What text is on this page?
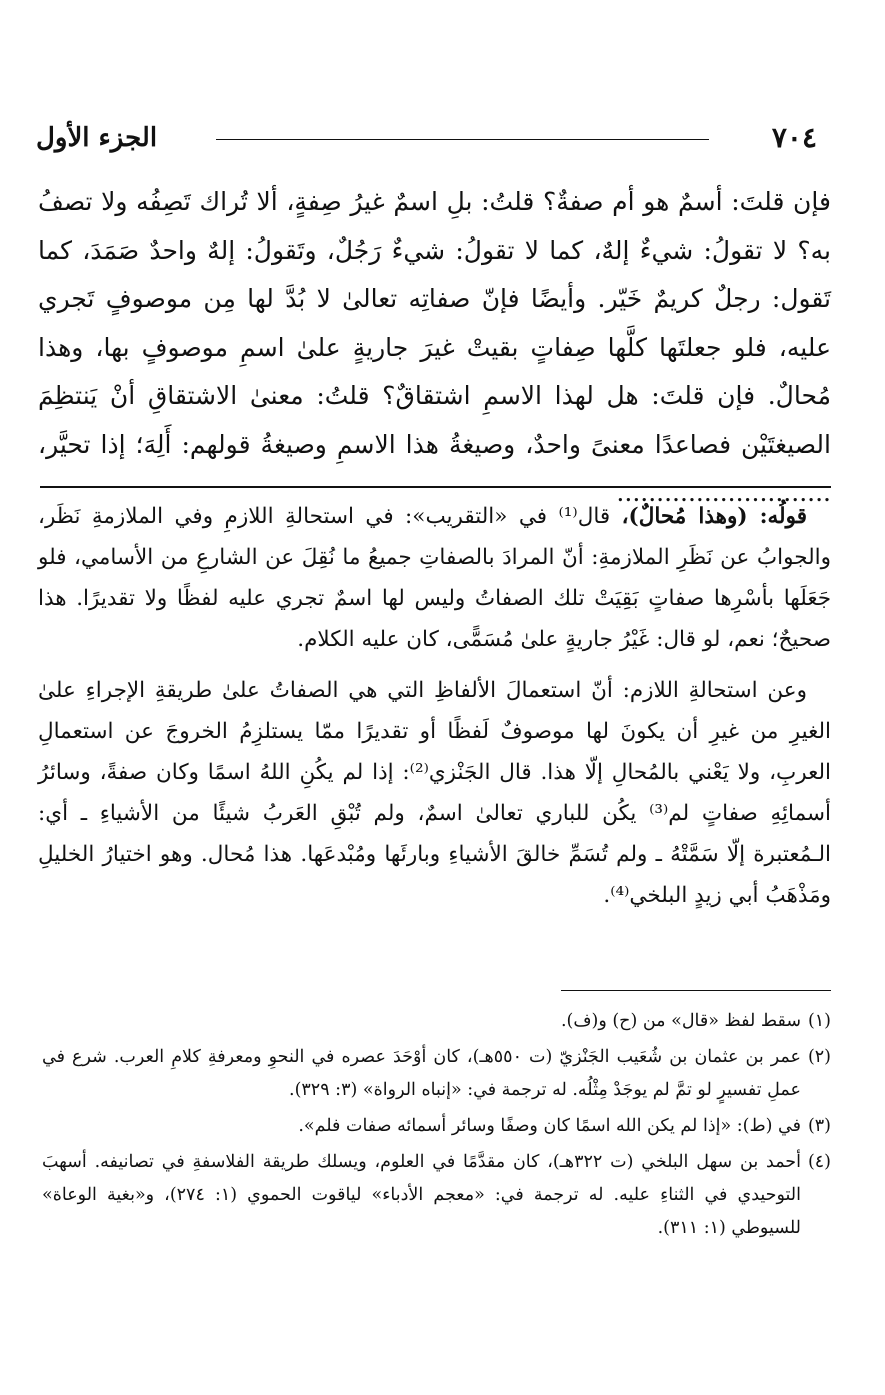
٧٠٤
الجزء الأول

فإن قلتَ: أسمٌ هو أم صفةٌ؟ قلتُ: بلِ اسمٌ غيرُ صِفةٍ، ألا تُراك تَصِفُه ولا تصفُ به؟ لا تقولُ: شيءٌ إلهٌ، كما لا تقولُ: شيءٌ رَجُلٌ، وتَقولُ: إلهٌ واحدٌ صَمَدَ، كما تَقول: رجلٌ كريمٌ خَيّر. وأيضًا فإنّ صفاتِه تعالىٰ لا بُدَّ لها مِن موصوفٍ تَجري عليه، فلو جعلتَها كلَّها صِفاتٍ بقيتْ غيرَ جاريةٍ علىٰ اسمِ موصوفٍ بها، وهذا مُحالٌ. فإن قلتَ: هل لهذا الاسمِ اشتقاقٌ؟ قلتُ: معنىٰ الاشتقاقِ أنْ يَنتظِمَ الصيغتَيْن فصاعدًا معنىً واحدٌ، وصيغةُ هذا الاسمِ وصيغةُ قولهم: أَلِهَ؛ إذا تحيَّر، ...........................

قولُه: (وهذا مُحالٌ)، قال⁽¹⁾ في «التقريب»: في استحالةِ اللازمِ وفي الملازمةِ نَظَر، والجوابُ عن نَظَرِ الملازمةِ: أنّ المرادَ بالصفاتِ جميعُ ما نُقِلَ عن الشارعِ من الأسامي، فلو جَعَلَها بأسْرِها صفاتٍ بَقِيَتْ تلك الصفاتُ وليس لها اسمٌ تجري عليه لفظًا ولا تقديرًا. هذا صحيحٌ؛ نعم، لو قال: غَيْرُ جاريةٍ علىٰ مُسَمًّى، كان عليه الكلام.

وعن استحالةِ اللازم: أنّ استعمالَ الألفاظِ التي هي الصفاتُ علىٰ طريقةِ الإجراءِ علىٰ الغيرِ من غيرِ أن يكونَ لها موصوفٌ لَفظًا أو تقديرًا ممّا يستلزِمُ الخروجَ عن استعمالِ العربِ، ولا يَعْني بالمُحالِ إلّا هذا. قال الجَنْزي⁽²⁾: إذا لم يكُنِ اللهُ اسمًا وكان صفةً، وسائرُ أسمائِهِ صفاتٍ لم⁽³⁾ يكُن للباري تعالىٰ اسمٌ، ولم تُبْقِ العَربُ شيئًا من الأشياءِ ـ أي: الـمُعتبرة إلّا سَمَّتْهُ ـ ولم تُسَمِّ خالقَ الأشياءِ وبارئَها ومُبْدعَها. هذا مُحال. وهو اختيارُ الخليلِ ومَذْهَبُ أبي زيدٍ البلخي⁽⁴⁾.

(١)
سقط لفظ «قال» من (ح) و(ف).

(٢)
عمر بن عثمان بن شُعَيب الجَنْزيّ (ت ٥٥٠هـ)، كان أوْحَدَ عصره في النحوِ ومعرفةِ كلامِ العرب. شرع في عملِ تفسيرٍ لو تمَّ لم يوجَدْ مِثْلُه. له ترجمة في: «إنباه الرواة» (٣: ٣٢٩).

(٣)
في (ط): «إذا لم يكن الله اسمًا كان وصفًا وسائر أسمائه صفات فلم».

(٤)
أحمد بن سهل البلخي (ت ٣٢٢هـ)، كان مقدَّمًا في العلوم، ويسلك طريقة الفلاسفةِ في تصانيفه. أسهبَ التوحيدي في الثناءِ عليه. له ترجمة في: «معجم الأدباء» لياقوت الحموي (١: ٢٧٤)، و«بغية الوعاة» للسيوطي (١: ٣١١).
